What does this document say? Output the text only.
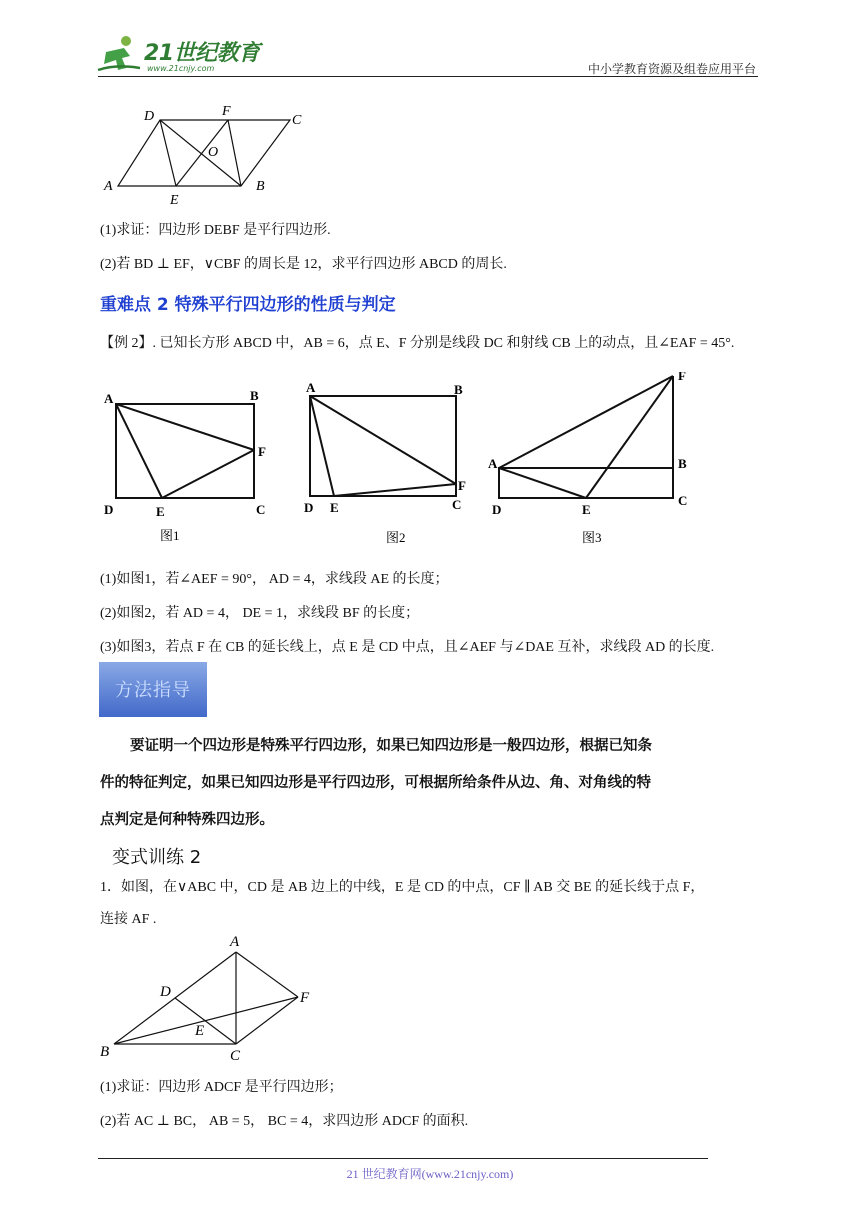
21世纪教育
www.21cnjy.com	中小学教育资源及组卷应用平台
D	F
C
O
A
E
B
(1)求证：四边形 DEBF 是平行四边形.
(2)若 BD ⊥ EF，∨CBF 的周长是 12，求平行四边形 ABCD 的周长.
重难点 2 特殊平行四边形的性质与判定
【例 2】. 已知长方形 ABCD 中，AB = 6，点 E、F 分别是线段 DC 和射线 CB 上的动点，且∠EAF = 45°.
A	B
F
D	E	C
A	B
F
D E	C
A
F
B
D	E
C
图1	图2	图3
(1)如图1，若∠AEF = 90°， AD = 4，求线段 AE 的长度；
(2)如图2，若 AD = 4， DE = 1，求线段 BF 的长度；
(3)如图3，若点 F 在 CB 的延长线上，点 E 是 CD 中点，且∠AEF 与∠DAE 互补，求线段 AD 的长度.
方法指导
要证明一个四边形是特殊平行四边形，如果已知四边形是一般四边形，根据已知条
件的特征判定，如果已知四边形是平行四边形，可根据所给条件从边、角、对角线的特
点判定是何种特殊四边形。
变式训练 2
1．如图，在∨ABC 中，CD 是 AB 边上的中线，E 是 CD 的中点，CF ∥ AB 交 BE 的延长线于点 F，
连接 AF .
A
D	F
E
B	C
(1)求证：四边形 ADCF 是平行四边形；
(2)若 AC ⊥ BC， AB = 5， BC = 4，求四边形 ADCF 的面积.
21 世纪教育网(www.21cnjy.com)
